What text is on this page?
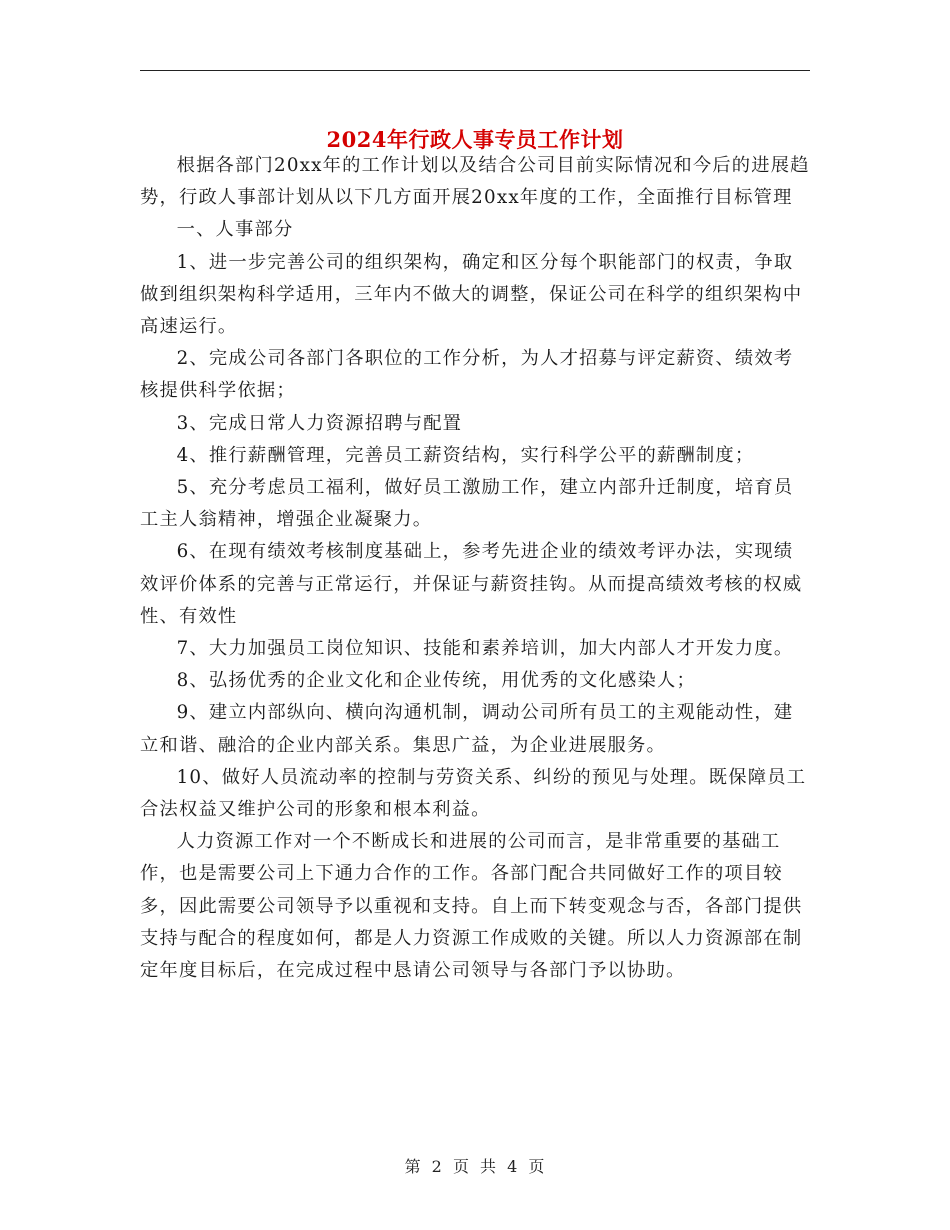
2024年行政人事专员工作计划

根据各部门20xx年的工作计划以及结合公司目前实际情况和今后的进展趋势，行政人事部计划从以下几方面开展20xx年度的工作，全面推行目标管理

一、人事部分

1、进一步完善公司的组织架构，确定和区分每个职能部门的权责，争取做到组织架构科学适用，三年内不做大的调整，保证公司在科学的组织架构中高速运行。

2、完成公司各部门各职位的工作分析，为人才招募与评定薪资、绩效考核提供科学依据；

3、完成日常人力资源招聘与配置

4、推行薪酬管理，完善员工薪资结构，实行科学公平的薪酬制度；

5、充分考虑员工福利，做好员工激励工作，建立内部升迁制度，培育员工主人翁精神，增强企业凝聚力。

6、在现有绩效考核制度基础上，参考先进企业的绩效考评办法，实现绩效评价体系的完善与正常运行，并保证与薪资挂钩。从而提高绩效考核的权威性、有效性

7、大力加强员工岗位知识、技能和素养培训，加大内部人才开发力度。

8、弘扬优秀的企业文化和企业传统，用优秀的文化感染人；

9、建立内部纵向、横向沟通机制，调动公司所有员工的主观能动性，建立和谐、融洽的企业内部关系。集思广益，为企业进展服务。

10、做好人员流动率的控制与劳资关系、纠纷的预见与处理。既保障员工合法权益又维护公司的形象和根本利益。

人力资源工作对一个不断成长和进展的公司而言，是非常重要的基础工作，也是需要公司上下通力合作的工作。各部门配合共同做好工作的项目较多，因此需要公司领导予以重视和支持。自上而下转变观念与否，各部门提供支持与配合的程度如何，都是人力资源工作成败的关键。所以人力资源部在制定年度目标后，在完成过程中恳请公司领导与各部门予以协助。

第 2 页 共 4 页
